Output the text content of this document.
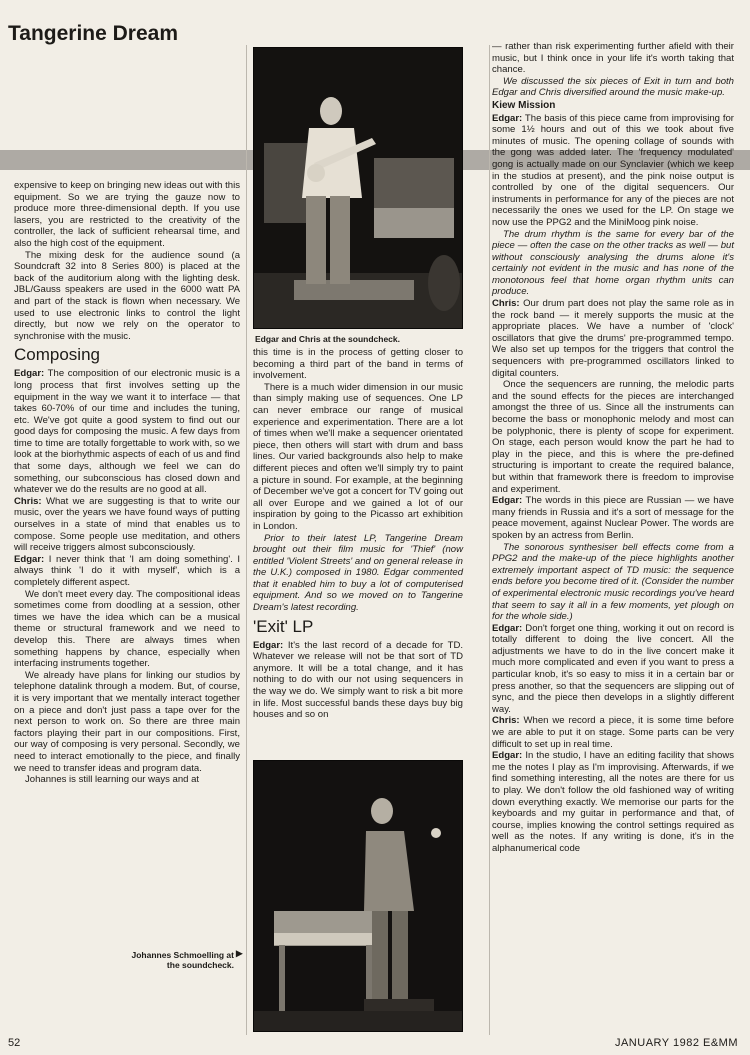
Tangerine Dream

expensive to keep on bringing new ideas out with this equipment. So we are trying the gauze now to produce more three-dimensional depth. If you use lasers, you are restricted to the creativity of the controller, the lack of sufficient rehearsal time, and also the high cost of the equipment.

The mixing desk for the audience sound (a Soundcraft 32 into 8 Series 800) is placed at the back of the auditorium along with the lighting desk. JBL/Gauss speakers are used in the 6000 watt PA and part of the stack is flown when necessary. We used to use electronic links to control the light directly, but now we rely on the operator to synchronise with the music.

Composing

Edgar: The composition of our electronic music is a long process that first involves setting up the equipment in the way we want it to interface — that takes 60-70% of our time and includes the tuning, etc. We've got quite a good system to find out our good days for composing the music. A few days from time to time are totally forgettable to work with, so we look at the biorhythmic aspects of each of us and find that some days, although we feel we can do something, our subconscious has closed down and whatever we do the results are no good at all.

Chris: What we are suggesting is that to write our music, over the years we have found ways of putting ourselves in a state of mind that enables us to compose. Some people use meditation, and others will receive triggers almost subconsciously.

Edgar: I never think that 'I am doing something'. I always think 'I do it with myself', which is a completely different aspect.

We don't meet every day. The compositional ideas sometimes come from doodling at a session, other times we have the idea which can be a musical theme or structural framework and we need to develop this. There are always times when something happens by chance, especially when interfacing instruments together.

We already have plans for linking our studios by telephone datalink through a modem. But, of course, it is very important that we mentally interact together on a piece and don't just pass a tape over for the next person to work on. So there are three main factors playing their part in our compositions. First, our way of composing is very personal. Secondly, we need to interact emotionally to the piece, and finally we need to transfer ideas and program data.

Johannes is still learning our ways and at

Edgar and Chris at the soundcheck.

this time is in the process of getting closer to becoming a third part of the band in terms of involvement.

There is a much wider dimension in our music than simply making use of sequences. One LP can never embrace our range of musical experience and experimentation. There are a lot of times when we'll make a sequencer orientated piece, then others will start with drum and bass lines. Our varied backgrounds also help to make different pieces and often we'll simply try to paint a picture in sound. For example, at the beginning of December we've got a concert for TV going out all over Europe and we gained a lot of our inspiration by going to the Picasso art exhibition in London.

Prior to their latest LP, Tangerine Dream brought out their film music for 'Thief' (now entitled 'Violent Streets' and on general release in the U.K.) composed in 1980. Edgar commented that it enabled him to buy a lot of computerised equipment. And so we moved on to Tangerine Dream's latest recording.

'Exit' LP

Edgar: It's the last record of a decade for TD. Whatever we release will not be that sort of TD anymore. It will be a total change, and it has nothing to do with our not using sequencers in the way we do. We simply want to risk a bit more in life. Most successful bands these days buy big houses and so on

Johannes Schmoelling at the soundcheck.
▶

— rather than risk experimenting further afield with their music, but I think once in your life it's worth taking that chance.

We discussed the six pieces of Exit in turn and both Edgar and Chris diversified around the music make-up.

Kiew Mission

Edgar: The basis of this piece came from improvising for some 1½ hours and out of this we took about five minutes of music. The opening collage of sounds with the gong was added later. The 'frequency modulated' gong is actually made on our Synclavier (which we keep in the studios at present), and the pink noise output is controlled by one of the digital sequencers. Our instruments in performance for any of the pieces are not necessarily the ones we used for the LP. On stage we now use the PPG2 and the MiniMoog pink noise.

The drum rhythm is the same for every bar of the piece — often the case on the other tracks as well — but without consciously analysing the drums alone it's certainly not evident in the music and has none of the monotonous feel that home organ rhythm units can produce.

Chris: Our drum part does not play the same role as in the rock band — it merely supports the music at the appropriate places. We have a number of 'clock' oscillators that give the drums' pre-programmed tempo. We also set up tempos for the triggers that control the sequencers with pre-programmed oscillators linked to digital counters.

Once the sequencers are running, the melodic parts and the sound effects for the pieces are interchanged amongst the three of us. Since all the instruments can become the bass or monophonic melody and most can be polyphonic, there is plenty of scope for experiment. On stage, each person would know the part he had to play in the piece, and this is where the pre-defined structuring is important to create the required balance, but within that framework there is freedom to improvise and experiment.

Edgar: The words in this piece are Russian — we have many friends in Russia and it's a sort of message for the peace movement, against Nuclear Power. The words are spoken by an actress from Berlin.

The sonorous synthesiser bell effects come from a PPG2 and the make-up of the piece highlights another extremely important aspect of TD music: the sequence ends before you become tired of it. (Consider the number of experimental electronic music recordings you've heard that seem to say it all in a few moments, yet plough on for the whole side.)

Edgar: Don't forget one thing, working it out on record is totally different to doing the live concert. All the adjustments we have to do in the live concert make it much more complicated and even if you want to press a particular knob, it's so easy to miss it in a certain bar or press another, so that the sequencers are slipping out of sync, and the piece then develops in a slightly different way.

Chris: When we record a piece, it is some time before we are able to put it on stage. Some parts can be very difficult to set up in real time.

Edgar: In the studio, I have an editing facility that shows me the notes I play as I'm improvising. Afterwards, if we find something interesting, all the notes are there for us to play. We don't follow the old fashioned way of writing down everything exactly. We memorise our parts for the keyboards and my guitar in performance and that, of course, implies knowing the control settings required as well as the notes. If any writing is done, it's in the alphanumerical code

52	JANUARY 1982 E&MM
